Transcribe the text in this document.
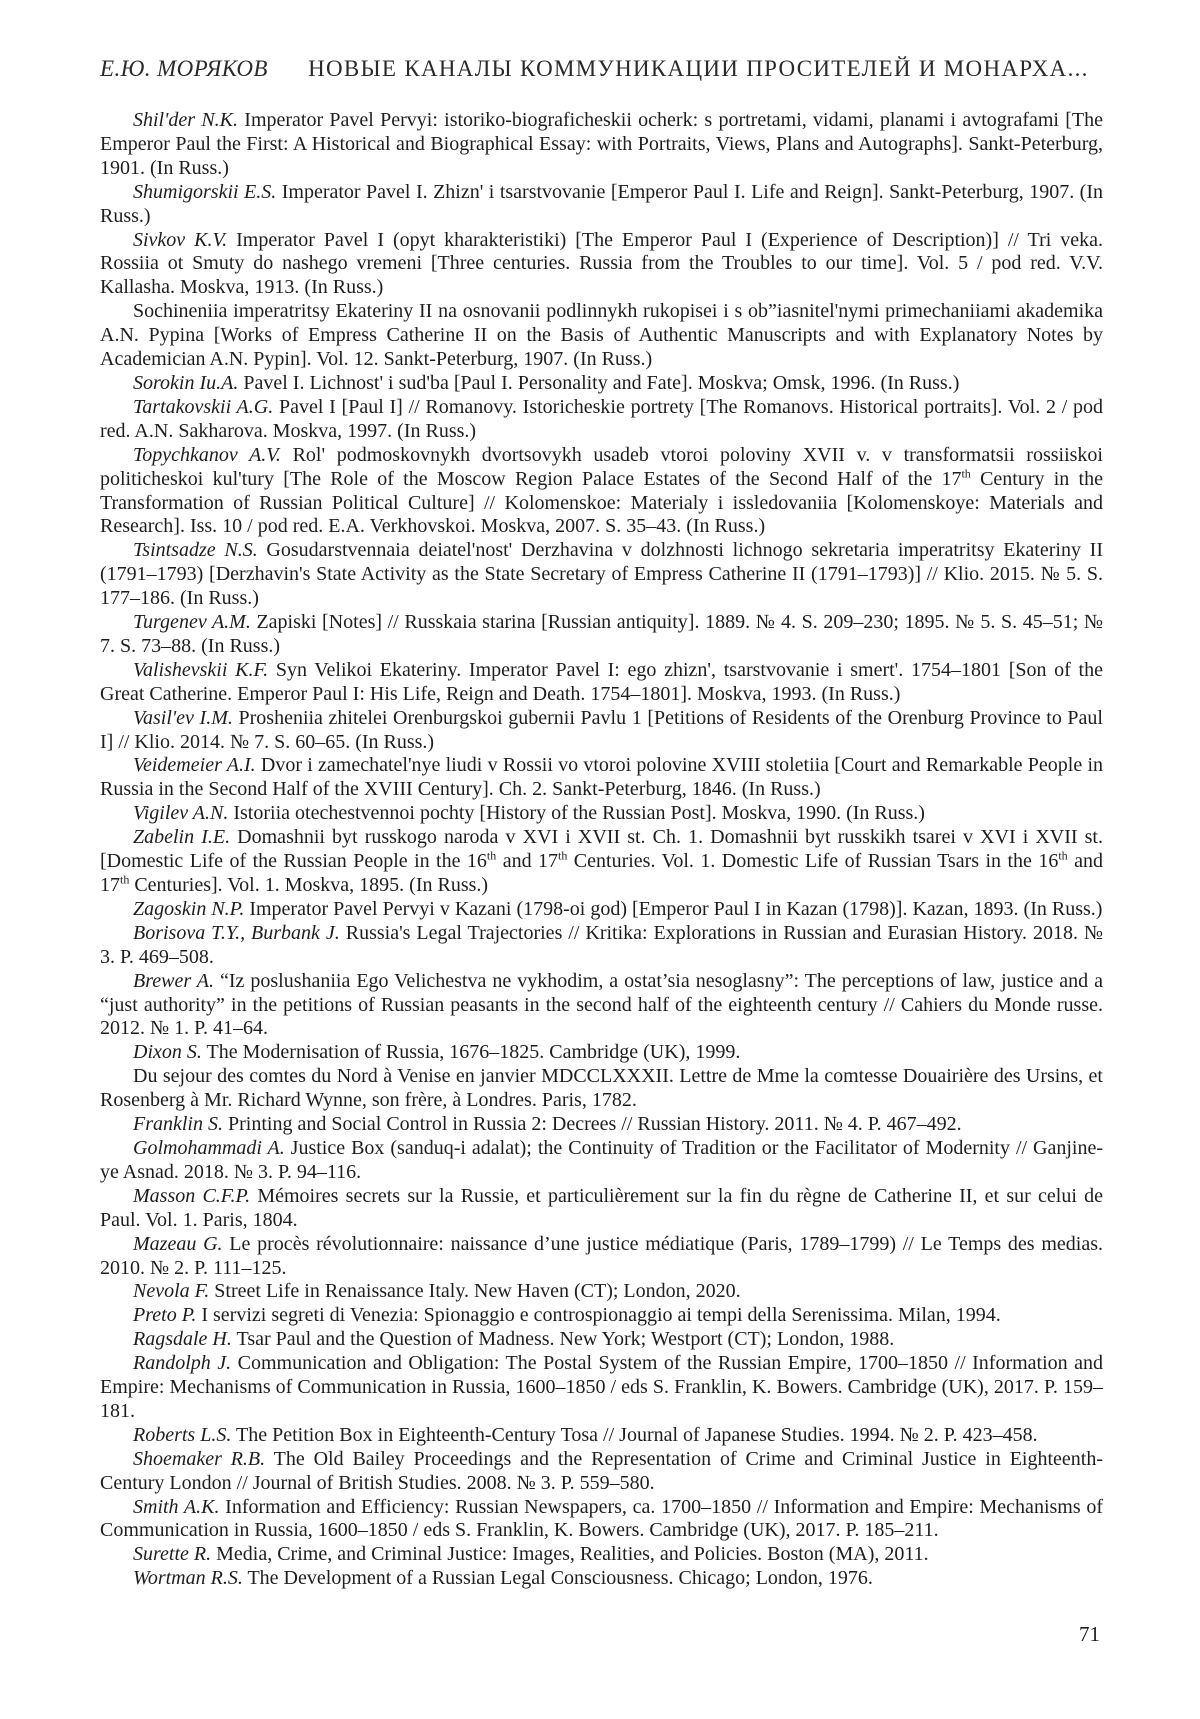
Е.Ю. МОРЯКОВ	НОВЫЕ КАНАЛЫ КОММУНИКАЦИИ ПРОСИТЕЛЕЙ И МОНАРХА...

Shil'der N.K. Imperator Pavel Pervyi: istoriko-biograficheskii ocherk: s portretami, vidami, planami i avtografami [The Emperor Paul the First: A Historical and Biographical Essay: with Portraits, Views, Plans and Autographs]. Sankt-Peterburg, 1901. (In Russ.)

Shumigorskii E.S. Imperator Pavel I. Zhizn' i tsarstvovanie [Emperor Paul I. Life and Reign]. Sankt-Peterburg, 1907. (In Russ.)

Sivkov K.V. Imperator Pavel I (opyt kharakteristiki) [The Emperor Paul I (Experience of Description)] // Tri veka. Rossiia ot Smuty do nashego vremeni [Three centuries. Russia from the Troubles to our time]. Vol. 5 / pod red. V.V. Kallasha. Moskva, 1913. (In Russ.)

Sochineniia imperatritsy Ekateriny II na osnovanii podlinnykh rukopisei i s ob”iasnitel'nymi primechaniiami akademika A.N. Pypina [Works of Empress Catherine II on the Basis of Authentic Manuscripts and with Explanatory Notes by Academician A.N. Pypin]. Vol. 12. Sankt-Peterburg, 1907. (In Russ.)

Sorokin Iu.A. Pavel I. Lichnost' i sud'ba [Paul I. Personality and Fate]. Moskva; Omsk, 1996. (In Russ.)

Tartakovskii A.G. Pavel I [Paul I] // Romanovy. Istoricheskie portrety [The Romanovs. Historical portraits]. Vol. 2 / pod red. A.N. Sakharova. Moskva, 1997. (In Russ.)

Topychkanov A.V. Rol' podmoskovnykh dvortsovykh usadeb vtoroi poloviny XVII v. v transformatsii rossiiskoi politicheskoi kul'tury [The Role of the Moscow Region Palace Estates of the Second Half of the 17th Century in the Transformation of Russian Political Culture] // Kolomenskoe: Materialy i issledovaniia [Kolomenskoye: Materials and Research]. Iss. 10 / pod red. E.A. Verkhovskoi. Moskva, 2007. S. 35–43. (In Russ.)

Tsintsadze N.S. Gosudarstvennaia deiatel'nost' Derzhavina v dolzhnosti lichnogo sekretaria imperatritsy Ekateriny II (1791–1793) [Derzhavin's State Activity as the State Secretary of Empress Catherine II (1791–1793)] // Klio. 2015. № 5. S. 177–186. (In Russ.)

Turgenev A.M. Zapiski [Notes] // Russkaia starina [Russian antiquity]. 1889. № 4. S. 209–230; 1895. № 5. S. 45–51; № 7. S. 73–88. (In Russ.)

Valishevskii K.F. Syn Velikoi Ekateriny. Imperator Pavel I: ego zhizn', tsarstvovanie i smert'. 1754–1801 [Son of the Great Catherine. Emperor Paul I: His Life, Reign and Death. 1754–1801]. Moskva, 1993. (In Russ.)

Vasil'ev I.M. Prosheniia zhitelei Orenburgskoi gubernii Pavlu 1 [Petitions of Residents of the Orenburg Province to Paul I] // Klio. 2014. № 7. S. 60–65. (In Russ.)

Veidemeier A.I. Dvor i zamechatel'nye liudi v Rossii vo vtoroi polovine XVIII stoletiia [Court and Remarkable People in Russia in the Second Half of the XVIII Century]. Ch. 2. Sankt-Peterburg, 1846. (In Russ.)

Vigilev A.N. Istoriia otechestvennoi pochty [History of the Russian Post]. Moskva, 1990. (In Russ.)

Zabelin I.E. Domashnii byt russkogo naroda v XVI i XVII st. Ch. 1. Domashnii byt russkikh tsarei v XVI i XVII st. [Domestic Life of the Russian People in the 16th and 17th Centuries. Vol. 1. Domestic Life of Russian Tsars in the 16th and 17th Centuries]. Vol. 1. Moskva, 1895. (In Russ.)

Zagoskin N.P. Imperator Pavel Pervyi v Kazani (1798-oi god) [Emperor Paul I in Kazan (1798)]. Kazan, 1893. (In Russ.)

Borisova T.Y., Burbank J. Russia's Legal Trajectories // Kritika: Explorations in Russian and Eurasian History. 2018. № 3. P. 469–508.

Brewer A. “Iz poslushaniia Ego Velichestva ne vykhodim, a ostat’sia nesoglasny”: The perceptions of law, justice and a “just authority” in the petitions of Russian peasants in the second half of the eighteenth century // Cahiers du Monde russe. 2012. № 1. P. 41–64.

Dixon S. The Modernisation of Russia, 1676–1825. Cambridge (UK), 1999.

Du sejour des comtes du Nord à Venise en janvier MDCCLXXXII. Lettre de Mme la comtesse Douairière des Ursins, et Rosenberg à Mr. Richard Wynne, son frère, à Londres. Paris, 1782.

Franklin S. Printing and Social Control in Russia 2: Decrees // Russian History. 2011. № 4. P. 467–492.

Golmohammadi A. Justice Box (sanduq-i adalat); the Continuity of Tradition or the Facilitator of Modernity // Ganjine-ye Asnad. 2018. № 3. P. 94–116.

Masson C.F.P. Mémoires secrets sur la Russie, et particulièrement sur la fin du règne de Catherine II, et sur celui de Paul. Vol. 1. Paris, 1804.

Mazeau G. Le procès révolutionnaire: naissance d’une justice médiatique (Paris, 1789–1799) // Le Temps des medias. 2010. № 2. P. 111–125.

Nevola F. Street Life in Renaissance Italy. New Haven (CT); London, 2020.

Preto P. I servizi segreti di Venezia: Spionaggio e controspionaggio ai tempi della Serenissima. Milan, 1994.

Ragsdale H. Tsar Paul and the Question of Madness. New York; Westport (CT); London, 1988.

Randolph J. Communication and Obligation: The Postal System of the Russian Empire, 1700–1850 // Information and Empire: Mechanisms of Communication in Russia, 1600–1850 / eds S. Franklin, K. Bowers. Cambridge (UK), 2017. P. 159–181.

Roberts L.S. The Petition Box in Eighteenth-Century Tosa // Journal of Japanese Studies. 1994. № 2. P. 423–458.

Shoemaker R.B. The Old Bailey Proceedings and the Representation of Crime and Criminal Justice in Eighteenth-Century London // Journal of British Studies. 2008. № 3. P. 559–580.

Smith A.K. Information and Efficiency: Russian Newspapers, ca. 1700–1850 // Information and Empire: Mechanisms of Communication in Russia, 1600–1850 / eds S. Franklin, K. Bowers. Cambridge (UK), 2017. P. 185–211.

Surette R. Media, Crime, and Criminal Justice: Images, Realities, and Policies. Boston (MA), 2011.

Wortman R.S. The Development of a Russian Legal Consciousness. Chicago; London, 1976.

71
